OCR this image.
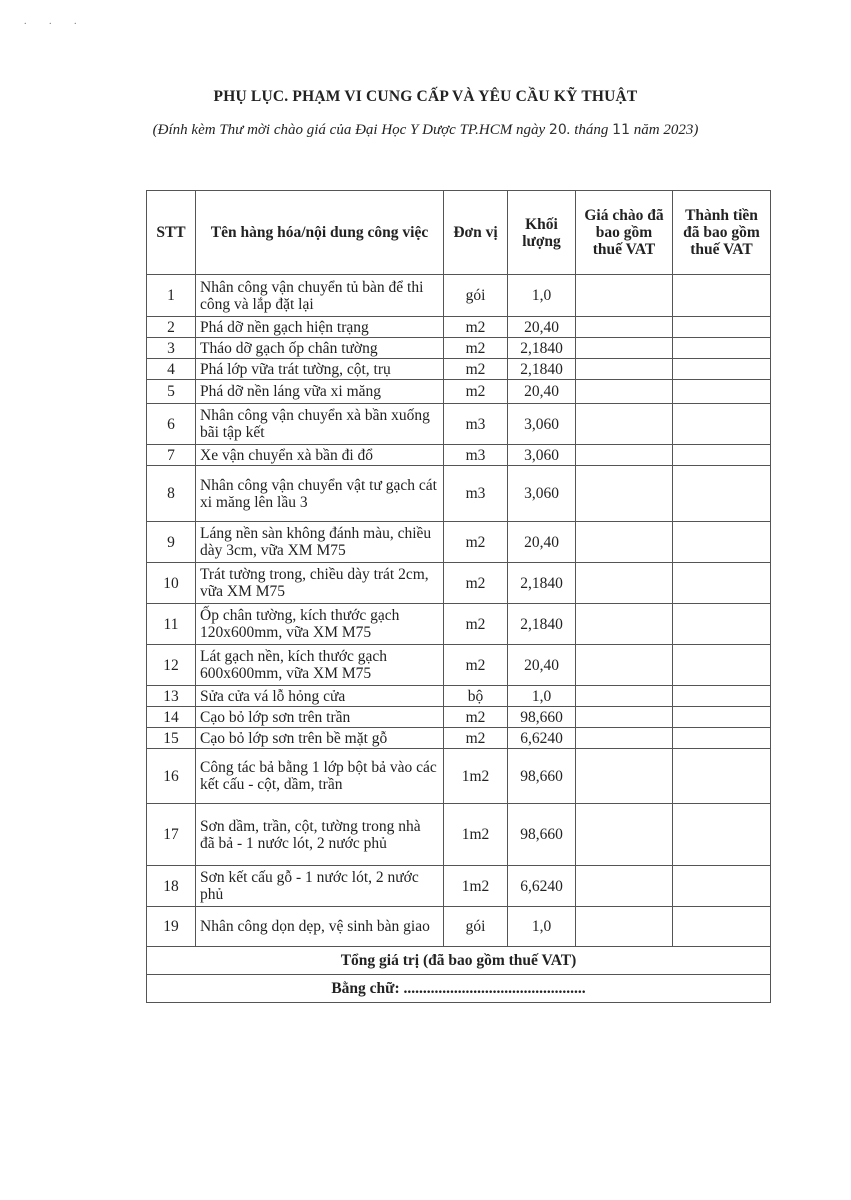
. . .
PHỤ LỤC. PHẠM VI CUNG CẤP VÀ YÊU CẦU KỸ THUẬT
(Đính kèm Thư mời chào giá của Đại Học Y Dược TP.HCM ngày 20. tháng 11 năm 2023)
STT	Tên hàng hóa/nội dung công việc	Đơn vị	Khối lượng	Giá chào đã bao gồm thuế VAT	Thành tiền đã bao gồm thuế VAT
1	Nhân công vận chuyển tủ bàn để thi công và lắp đặt lại	gói	1,0		
2	Phá dỡ nền gạch hiện trạng	m2	20,40		
3	Tháo dỡ gạch ốp chân tường	m2	2,1840		
4	Phá lớp vữa trát tường, cột, trụ	m2	2,1840		
5	Phá dỡ nền láng vữa xi măng	m2	20,40		
6	Nhân công vận chuyển xà bần xuống bãi tập kết	m3	3,060		
7	Xe vận chuyển xà bần đi đổ	m3	3,060		
8	Nhân công vận chuyển vật tư gạch cát xi măng lên lầu 3	m3	3,060		
9	Láng nền sàn không đánh màu, chiều dày 3cm, vữa XM M75	m2	20,40		
10	Trát tường trong, chiều dày trát 2cm, vữa XM M75	m2	2,1840		
11	Ốp chân tường, kích thước gạch 120x600mm, vữa XM M75	m2	2,1840		
12	Lát gạch nền, kích thước gạch 600x600mm, vữa XM M75	m2	20,40		
13	Sửa cửa vá lỗ hỏng cửa	bộ	1,0		
14	Cạo bỏ lớp sơn trên trần	m2	98,660		
15	Cạo bỏ lớp sơn trên bề mặt gỗ	m2	6,6240		
16	Công tác bả bằng 1 lớp bột bả vào các kết cấu - cột, dầm, trần	1m2	98,660		
17	Sơn dầm, trần, cột, tường trong nhà đã bả - 1 nước lót, 2 nước phủ	1m2	98,660		
18	Sơn kết cấu gỗ - 1 nước lót, 2 nước phủ	1m2	6,6240		
19	Nhân công dọn dẹp, vệ sinh bàn giao	gói	1,0		
Tổng giá trị (đã bao gồm thuế VAT)					
Bằng chữ: ...............................................					
